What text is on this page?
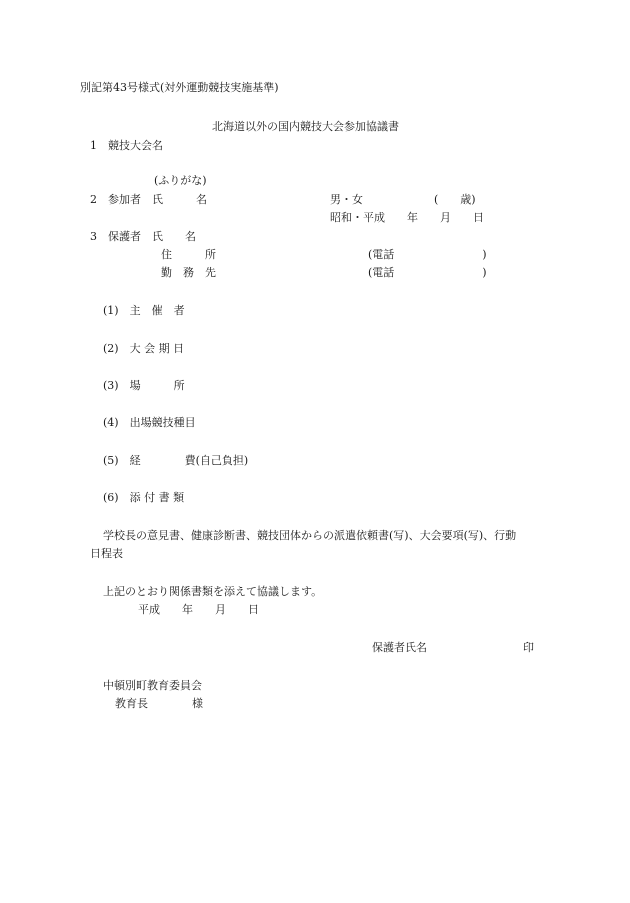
別記第43号様式(対外運動競技実施基準)
北海道以外の国内競技大会参加協議書
1　競技大会名
(ふりがな)
2　参加者　氏　　　名	男・女	(　　歳)
昭和・平成　　年　　月　　日
3　保護者　氏　　名
住　　　所	(電話　　　　　　　　)
勤　務　先	(電話　　　　　　　　)
(1)　主　催　者
(2)　大 会 期 日
(3)　場　　　所
(4)　出場競技種目
(5)　経　　　　費(自己負担)
(6)　添 付 書 類
学校長の意見書、健康診断書、競技団体からの派遣依頼書(写)、大会要項(写)、行動
日程表
上記のとおり関係書類を添えて協議します。
平成　　年　　月　　日
保護者氏名	印
中頓別町教育委員会
教育長　　　　様
